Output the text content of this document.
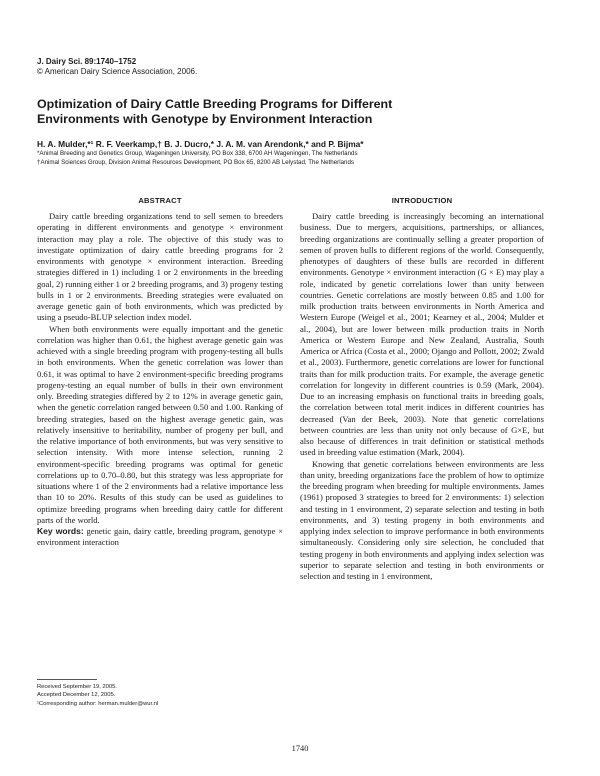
J. Dairy Sci. 89:1740–1752
© American Dairy Science Association, 2006.
Optimization of Dairy Cattle Breeding Programs for Different
Environments with Genotype by Environment Interaction
H. A. Mulder,*¹ R. F. Veerkamp,† B. J. Ducro,* J. A. M. van Arendonk,* and P. Bijma*
*Animal Breeding and Genetics Group, Wageningen University, PO Box 338, 6700 AH Wageningen, The Netherlands
†Animal Sciences Group, Division Animal Resources Development, PO Box 65, 8200 AB Lelystad, The Netherlands
ABSTRACT

Dairy cattle breeding organizations tend to sell semen to breeders operating in different environments and genotype × environment interaction may play a role. The objective of this study was to investigate optimization of dairy cattle breeding programs for 2 environments with genotype × environment interaction. Breeding strategies differed in 1) including 1 or 2 environments in the breeding goal, 2) running either 1 or 2 breeding programs, and 3) progeny testing bulls in 1 or 2 environments. Breeding strategies were evaluated on average genetic gain of both environments, which was predicted by using a pseudo-BLUP selection index model.

When both environments were equally important and the genetic correlation was higher than 0.61, the highest average genetic gain was achieved with a single breeding program with progeny-testing all bulls in both environments. When the genetic correlation was lower than 0.61, it was optimal to have 2 environment-specific breeding programs progeny-testing an equal number of bulls in their own environment only. Breeding strategies differed by 2 to 12% in average genetic gain, when the genetic correlation ranged between 0.50 and 1.00. Ranking of breeding strategies, based on the highest average genetic gain, was relatively insensitive to heritability, number of progeny per bull, and the relative importance of both environments, but was very sensitive to selection intensity. With more intense selection, running 2 environment-specific breeding programs was optimal for genetic correlations up to 0.70–0.80, but this strategy was less appropriate for situations where 1 of the 2 environments had a relative importance less than 10 to 20%. Results of this study can be used as guidelines to optimize breeding programs when breeding dairy cattle for different parts of the world.

Key words: genetic gain, dairy cattle, breeding program, genotype × environment interaction

INTRODUCTION

Dairy cattle breeding is increasingly becoming an international business. Due to mergers, acquisitions, partnerships, or alliances, breeding organizations are continually selling a greater proportion of semen of proven bulls to different regions of the world. Consequently, phenotypes of daughters of these bulls are recorded in different environments. Genotype × environment interaction (G × E) may play a role, indicated by genetic correlations lower than unity between countries. Genetic correlations are mostly between 0.85 and 1.00 for milk production traits between environments in North America and Western Europe (Weigel et al., 2001; Kearney et al., 2004; Mulder et al., 2004), but are lower between milk production traits in North America or Western Europe and New Zealand, Australia, South America or Africa (Costa et al., 2000; Ojango and Pollott, 2002; Zwald et al., 2003). Furthermore, genetic correlations are lower for functional traits than for milk production traits. For example, the average genetic correlation for longevity in different countries is 0.59 (Mark, 2004). Due to an increasing emphasis on functional traits in breeding goals, the correlation between total merit indices in different countries has decreased (Van der Beek, 2003). Note that genetic correlations between countries are less than unity not only because of G×E, but also because of differences in trait definition or statistical methods used in breeding value estimation (Mark, 2004).

Knowing that genetic correlations between environments are less than unity, breeding organizations face the problem of how to optimize the breeding program when breeding for multiple environments. James (1961) proposed 3 strategies to breed for 2 environments: 1) selection and testing in 1 environment, 2) separate selection and testing in both environments, and 3) testing progeny in both environments and applying index selection to improve performance in both environments simultaneously. Considering only sire selection, he concluded that testing progeny in both environments and applying index selection was superior to separate selection and testing in both environments or selection and testing in 1 environment,

Received September 19, 2005.
Accepted December 12, 2005.
¹Corresponding author: herman.mulder@wur.nl
1740
